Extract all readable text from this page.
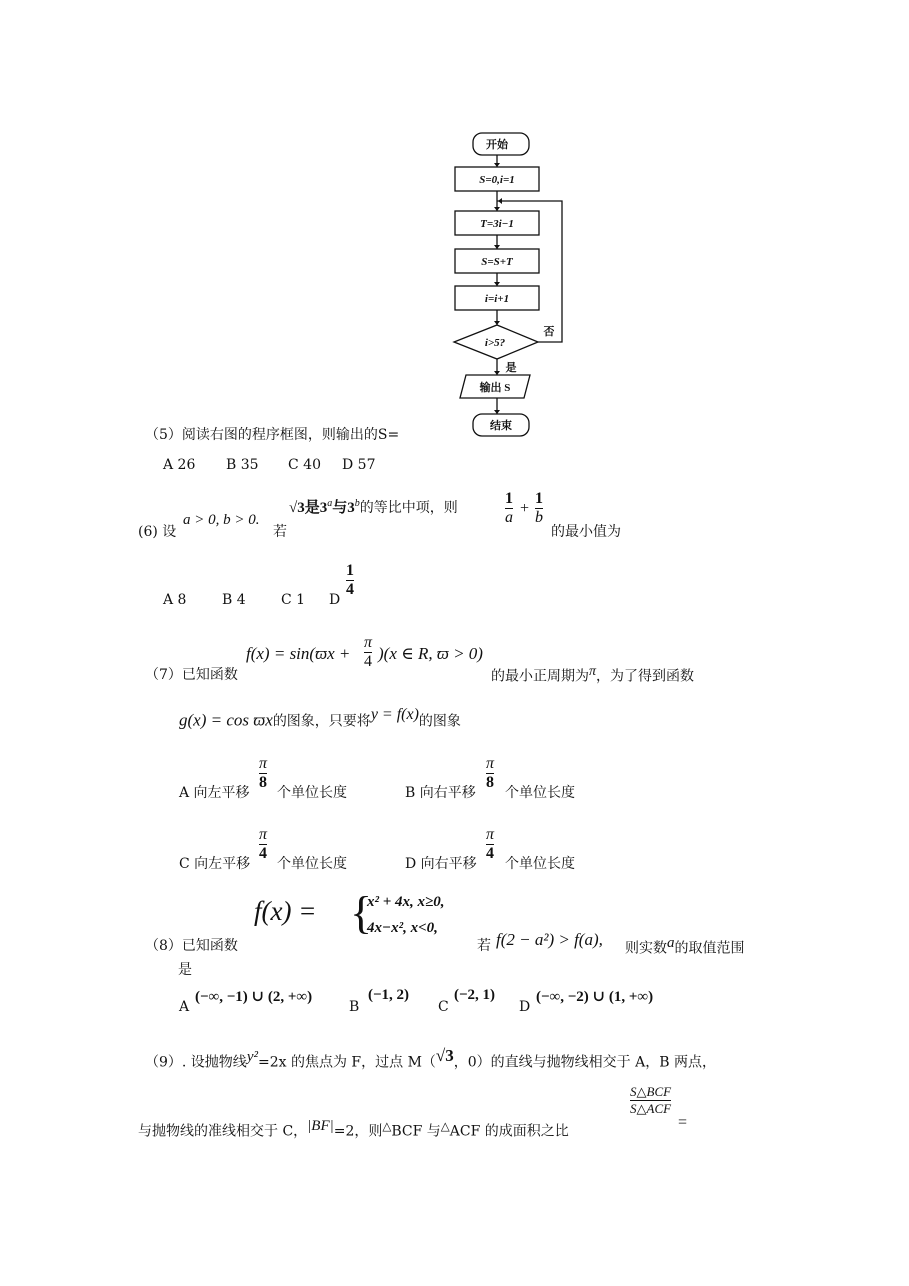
开始
S=0,i=1
T=3i−1
S=S+T
i=i+1
i>5?
否
是
输出 S
结束
（5）阅读右图的程序框图，则输出的S=
A 26 B 35 C 40 D 57
(6) 设
a > 0, b > 0.
若
√3是3$^a$与3$^b$的等比中项，则
1
a
+
1
b
的最小值为
A 8	B 4	C 1 D
1
4
（7）已知函数
f(x) = sin(ϖx +
π
4 )(x ∈ R, ϖ > 0)
的最小正周期为$^\pi$，为了得到函数
g(x) = cos ϖx的图象，只要将$^{y = f(x)}$的图象
A 向左平移
π
8
个单位长度	B 向右平移
π
8
个单位长度
C 向左平移
π
4
个单位长度	D 向右平移
π
4
个单位长度
（8）已知函数
f(x) = {
x² + 4x, x≥0,
4x−x², x<0,
若 f(2 − a²) > f(a), 则实数$^a$的取值范围
是
A
(−∞, −1) ∪ (2, +∞)
B
(−1, 2)
C
(−2, 1)
D
(−∞, −2) ∪ (1, +∞)
（9）. 设抛物线$^{y^2}$=2x 的焦点为 F，过点 M（$^{√3}$，0）的直线与抛物线相交于 A，B 两点，
与抛物线的准线相交于 C，$^{|BF|}$=2，则△BCF 与△ACF 的成面积之比
S△BCF
S△ACF
=
